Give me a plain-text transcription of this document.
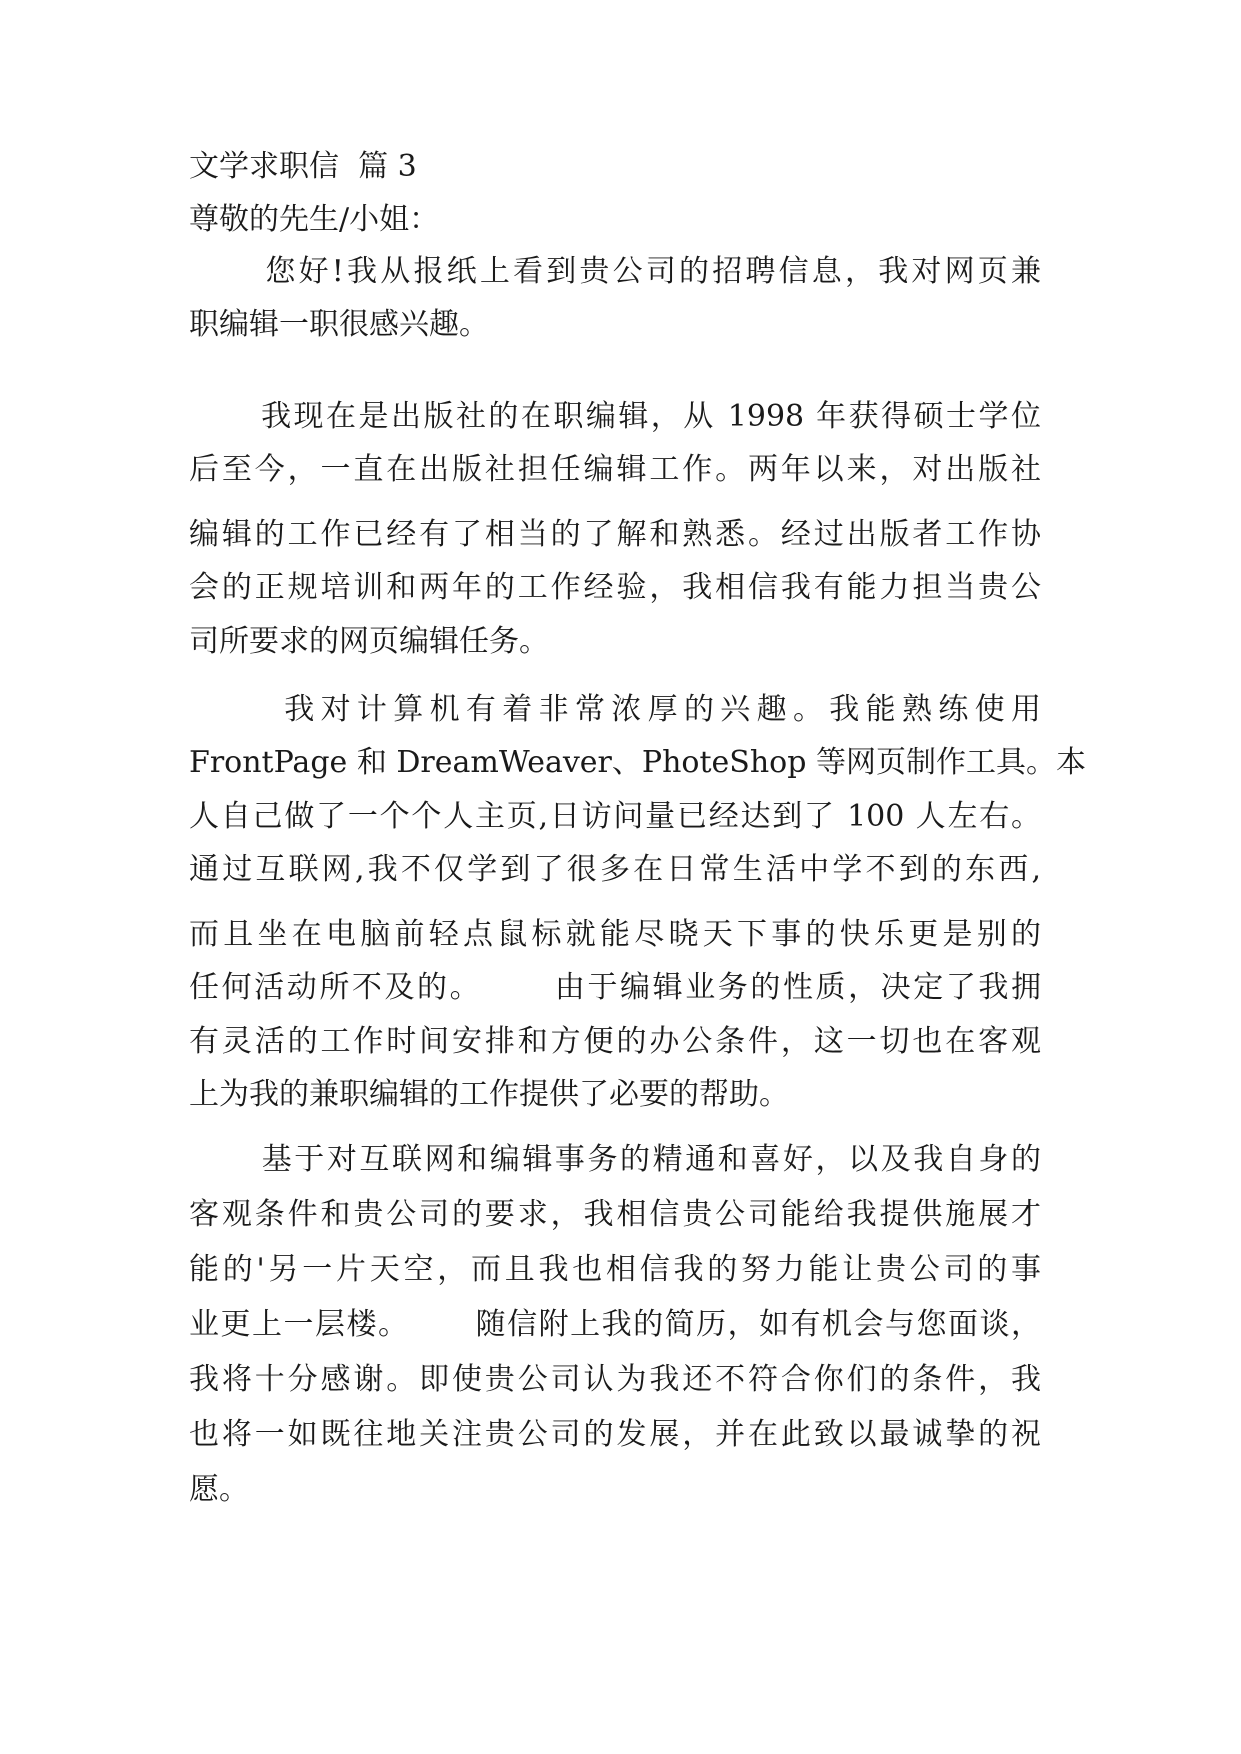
文学求职信  篇 3
尊敬的先生/小姐：
您好!我从报纸上看到贵公司的招聘信息，我对网页兼
职编辑一职很感兴趣。
我现在是出版社的在职编辑，从 1998 年获得硕士学位
后至今，一直在出版社担任编辑工作。两年以来，对出版社
编辑的工作已经有了相当的了解和熟悉。经过出版者工作协
会的正规培训和两年的工作经验，我相信我有能力担当贵公
司所要求的网页编辑任务。
我对计算机有着非常浓厚的兴趣。我能熟练使用
FrontPage 和 DreamWeaver、PhoteShop 等网页制作工具。本
人自己做了一个个人主页,日访问量已经达到了 100 人左右。
通过互联网,我不仅学到了很多在日常生活中学不到的东西,
而且坐在电脑前轻点鼠标就能尽晓天下事的快乐更是别的
任何活动所不及的。      由于编辑业务的性质，决定了我拥
有灵活的工作时间安排和方便的办公条件，这一切也在客观
上为我的兼职编辑的工作提供了必要的帮助。
基于对互联网和编辑事务的精通和喜好，以及我自身的
客观条件和贵公司的要求，我相信贵公司能给我提供施展才
能的'另一片天空，而且我也相信我的努力能让贵公司的事
业更上一层楼。      随信附上我的简历，如有机会与您面谈，
我将十分感谢。即使贵公司认为我还不符合你们的条件，我
也将一如既往地关注贵公司的发展，并在此致以最诚挚的祝
愿。
